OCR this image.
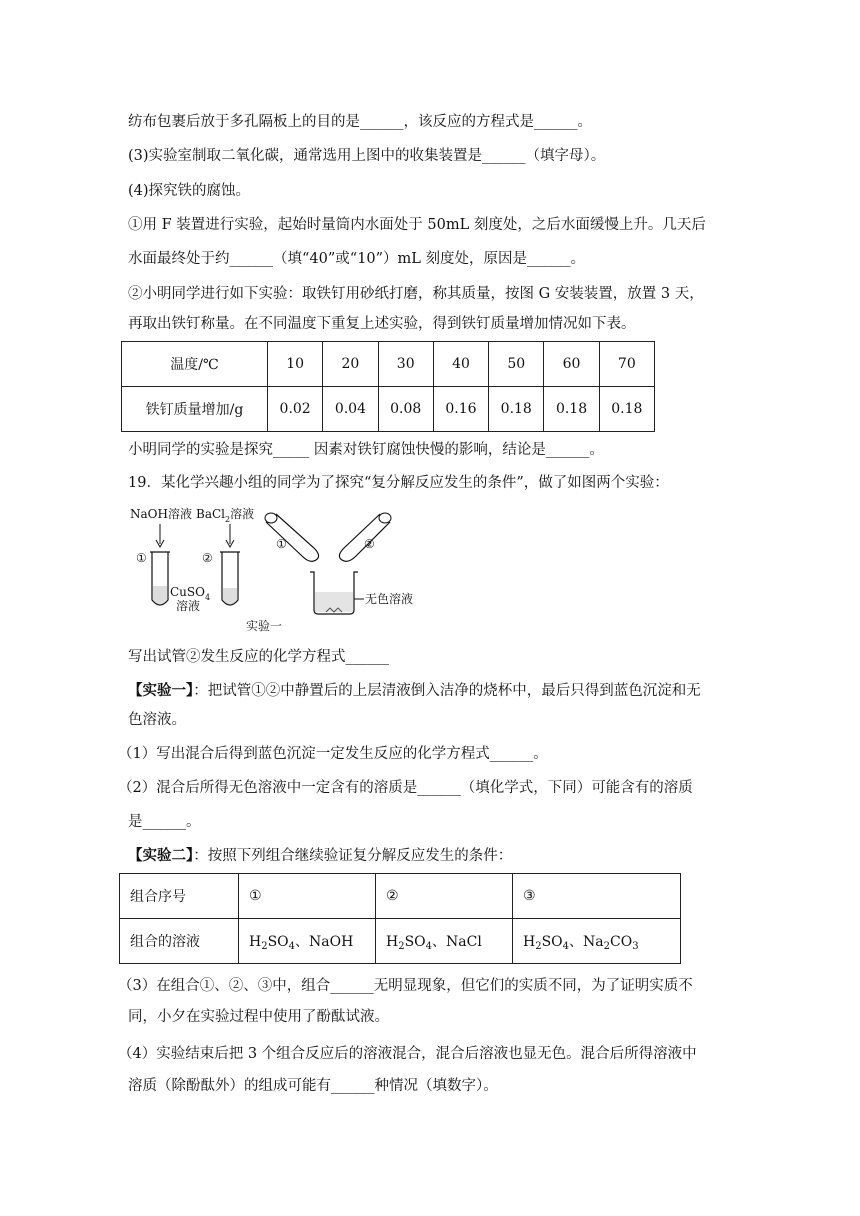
纺布包裹后放于多孔隔板上的目的是______，该反应的方程式是______。
(3)实验室制取二氧化碳，通常选用上图中的收集装置是______（填字母）。
(4)探究铁的腐蚀。
①用 F 装置进行实验，起始时量筒内水面处于 50mL 刻度处，之后水面缓慢上升。几天后
水面最终处于约______（填“40”或“10”）mL 刻度处，原因是______。
②小明同学进行如下实验：取铁钉用砂纸打磨，称其质量，按图 G 安装装置，放置 3 天，
再取出铁钉称量。在不同温度下重复上述实验，得到铁钉质量增加情况如下表。
温度/℃	10	20	30	40	50	60	70
铁钉质量增加/g	0.02	0.04	0.08	0.16	0.18	0.18	0.18
小明同学的实验是探究_____ 因素对铁钉腐蚀快慢的影响，结论是______。
19．某化学兴趣小组的同学为了探究“复分解反应发生的条件”，做了如图两个实验：
NaOH溶液 BaCl$_2$溶液
①	②
CuSO$_4$
溶液
①	②
无色溶液
实验一
写出试管②发生反应的化学方程式______
【实验一】：把试管①②中静置后的上层清液倒入洁净的烧杯中，最后只得到蓝色沉淀和无
色溶液。
（1）写出混合后得到蓝色沉淀一定发生反应的化学方程式______。
（2）混合后所得无色溶液中一定含有的溶质是______（填化学式，下同）可能含有的溶质
是______。
【实验二】：按照下列组合继续验证复分解反应发生的条件：
组合序号	①	②	③
组合的溶液	$H_2SO_4$、NaOH	$H_2SO_4$、NaCl	$H_2SO_4$、$Na_2CO_3$
（3）在组合①、②、③中，组合______无明显现象，但它们的实质不同，为了证明实质不
同，小夕在实验过程中使用了酚酞试液。
（4）实验结束后把 3 个组合反应后的溶液混合，混合后溶液也显无色。混合后所得溶液中
溶质（除酚酞外）的组成可能有______种情况（填数字）。
